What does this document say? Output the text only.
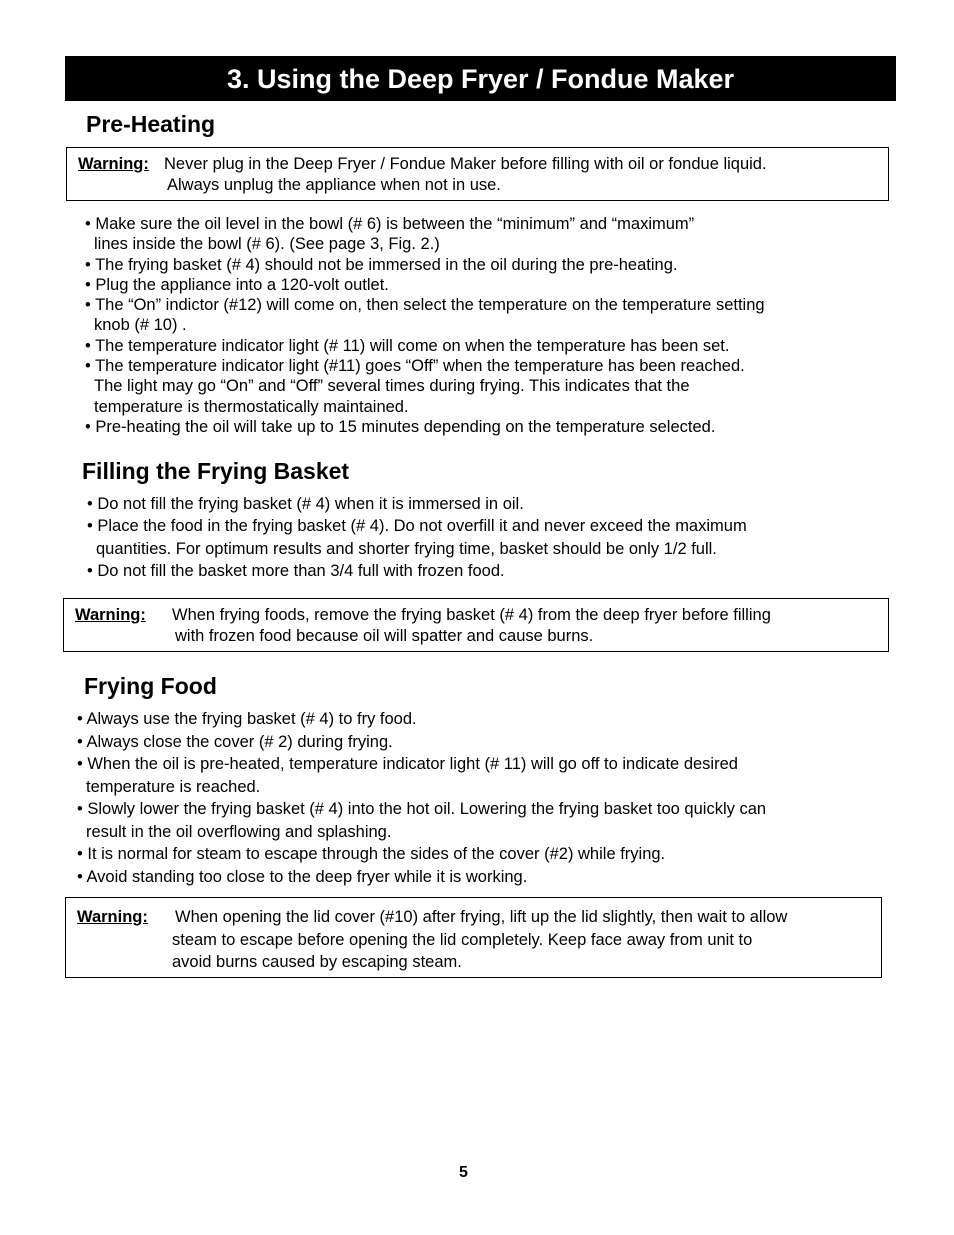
3. Using the Deep Fryer / Fondue Maker
Pre-Heating
Warning: Never plug in the Deep Fryer / Fondue Maker before filling with oil or fondue liquid.
Always unplug the appliance when not in use.
• Make sure the oil level in the bowl (# 6) is between the “minimum” and “maximum”
lines inside the bowl (# 6). (See page 3, Fig. 2.)
• The frying basket (# 4) should not be immersed in the oil during the pre-heating.
• Plug the appliance into a 120-volt outlet.
• The “On” indictor (#12) will come on, then select the temperature on the temperature setting
knob (# 10) .
• The temperature indicator light (# 11) will come on when the temperature has been set.
• The temperature indicator light (#11) goes “Off” when the temperature has been reached.
The light may go “On” and “Off” several times during frying. This indicates that the
temperature is thermostatically maintained.
• Pre-heating the oil will take up to 15 minutes depending on the temperature selected.
Filling the Frying Basket
• Do not fill the frying basket (# 4) when it is immersed in oil.
• Place the food in the frying basket (# 4). Do not overfill it and never exceed the maximum
quantities. For optimum results and shorter frying time, basket should be only 1/2 full.
• Do not fill the basket more than 3/4 full with frozen food.
Warning: When frying foods, remove the frying basket (# 4) from the deep fryer before filling
with frozen food because oil will spatter and cause burns.
Frying Food
• Always use the frying basket (# 4) to fry food.
• Always close the cover (# 2) during frying.
• When the oil is pre-heated, temperature indicator light (# 11) will go off to indicate desired
temperature is reached.
• Slowly lower the frying basket (# 4) into the hot oil. Lowering the frying basket too quickly can
result in the oil overflowing and splashing.
• It is normal for steam to escape through the sides of the cover (#2) while frying.
• Avoid standing too close to the deep fryer while it is working.
Warning: When opening the lid cover (#10) after frying, lift up the lid slightly, then wait to allow
steam to escape before opening the lid completely. Keep face away from unit to
avoid burns caused by escaping steam.
5
